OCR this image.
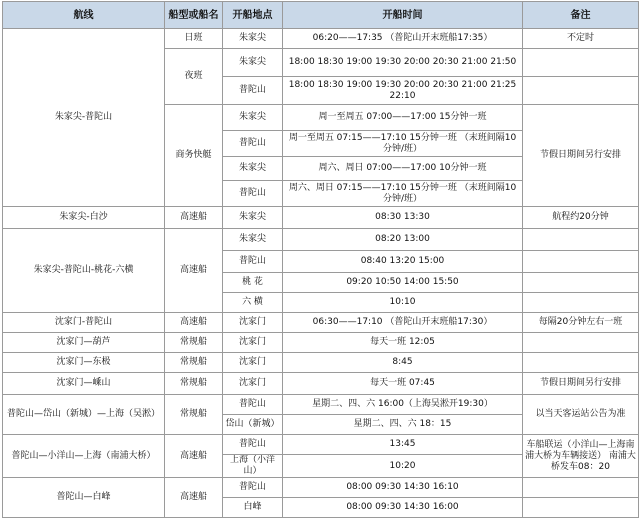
航线	船型或船名	开船地点	开船时间	备注
朱家尖-普陀山	日班	朱家尖	06:20——17:35 （普陀山开末班船17:35）	不定时
	夜班	朱家尖	18:00 18:30 19:00 19:30 20:00 20:30 21:00 21:50	
		普陀山	18:00 18:30 19:00 19:30 20:00 20:30 21:00 21:25 22:10	
	商务快艇	朱家尖	周一至周五 07:00——17:00 15分钟一班	节假日期间另行安排
		普陀山	周一至周五 07:15——17:10 15分钟一班 （末班间隔10分钟/班）	
		朱家尖	周六、周日 07:00——17:00 10分钟一班	
		普陀山	周六、周日 07:15——17:10 15分钟一班 （末班间隔10分钟/班）	
朱家尖-白沙	高速船	朱家尖	08:30 13:30	航程约20分钟
朱家尖-普陀山-桃花-六横	高速船	朱家尖	08:20 13:00	
		普陀山	08:40 13:20 15:00	
		桃 花	09:20 10:50 14:00 15:50	
		六 横	10:10	
沈家门-普陀山	高速船	沈家门	06:30——17:10 （普陀山开末班船17:30）	每隔20分钟左右一班
沈家门—葫芦	常规船	沈家门	每天一班 12:05	
沈家门—东极	常规船	沈家门	8:45	
沈家门—嵊山	常规船	沈家门	每天一班 07:45	节假日期间另行安排
普陀山—岱山（新城）—上海（吴淞）	常规船	普陀山	星期二、四、六 16:00（上海吴淞开19:30）	以当天客运站公告为准
		岱山（新城）	星期二、四、六 18：15	
普陀山—小洋山—上海（南浦大桥）	高速船	普陀山	13:45	车船联运（小洋山—上海南浦大桥为车辆接送） 南浦大桥发车08：20
		上海（小洋山）	10:20	
普陀山—白峰	高速船	普陀山	08:00 09:30 14:30 16:10	
		白峰	08:00 09:30 14:30 16:00	
